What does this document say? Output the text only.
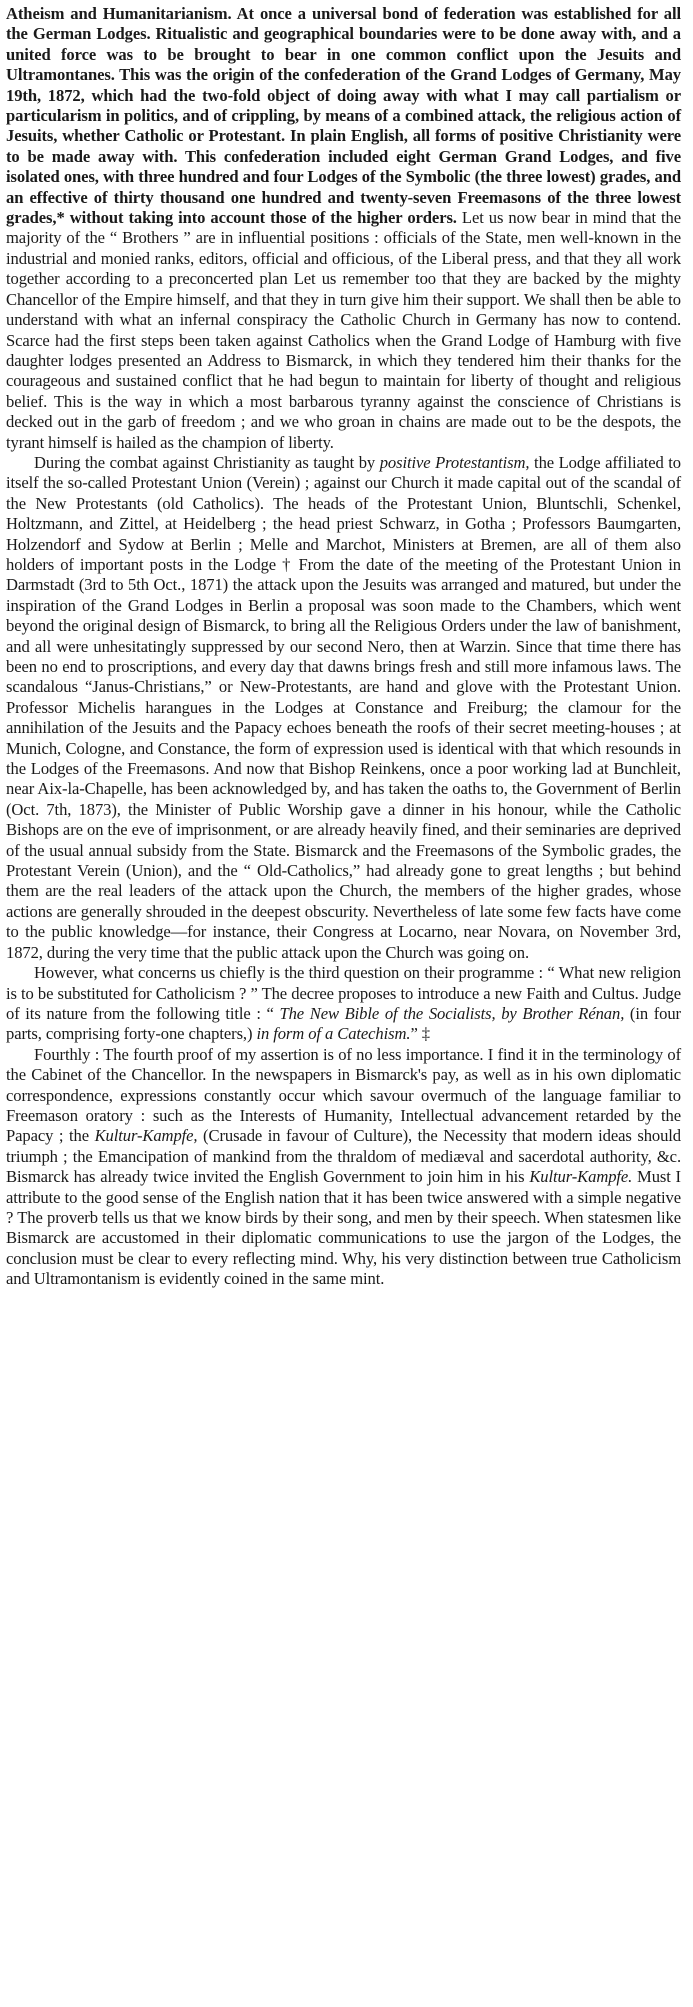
Atheism and Humanitarianism. At once a universal bond of federation was established for all the German Lodges. Ritualistic and geographical boundaries were to be done away with, and a united force was to be brought to bear in one common conflict upon the Jesuits and Ultramontanes. This was the origin of the confederation of the Grand Lodges of Germany, May 19th, 1872, which had the two-fold object of doing away with what I may call partialism or particularism in politics, and of crippling, by means of a combined attack, the religious action of Jesuits, whether Catholic or Protestant. In plain English, all forms of positive Christianity were to be made away with. This confederation included eight German Grand Lodges, and five isolated ones, with three hundred and four Lodges of the Symbolic (the three lowest) grades, and an effective of thirty thousand one hundred and twenty-seven Freemasons of the three lowest grades,* without taking into account those of the higher orders. Let us now bear in mind that the majority of the “ Brothers ” are in influential positions : officials of the State, men well-known in the industrial and monied ranks, editors, official and officious, of the Liberal press, and that they all work together according to a preconcerted plan Let us remember too that they are backed by the mighty Chancellor of the Empire himself, and that they in turn give him their support. We shall then be able to understand with what an infernal conspiracy the Catholic Church in Germany has now to contend. Scarce had the first steps been taken against Catholics when the Grand Lodge of Hamburg with five daughter lodges presented an Address to Bismarck, in which they tendered him their thanks for the courageous and sustained conflict that he had begun to maintain for liberty of thought and religious belief. This is the way in which a most barbarous tyranny against the conscience of Christians is decked out in the garb of freedom ; and we who groan in chains are made out to be the despots, the tyrant himself is hailed as the champion of liberty.

During the combat against Christianity as taught by positive Protestantism, the Lodge affiliated to itself the so-called Protestant Union (Verein) ; against our Church it made capital out of the scandal of the New Protestants (old Catholics). The heads of the Protestant Union, Bluntschli, Schenkel, Holtzmann, and Zittel, at Heidelberg ; the head priest Schwarz, in Gotha ; Professors Baumgarten, Holzendorf and Sydow at Berlin ; Melle and Marchot, Ministers at Bremen, are all of them also holders of important posts in the Lodge † From the date of the meeting of the Protestant Union in Darmstadt (3rd to 5th Oct., 1871) the attack upon the Jesuits was arranged and matured, but under the inspiration of the Grand Lodges in Berlin a proposal was soon made to the Chambers, which went beyond the original design of Bismarck, to bring all the Religious Orders under the law of banishment, and all were unhesitatingly suppressed by our second Nero, then at Warzin. Since that time there has been no end to proscriptions, and every day that dawns brings fresh and still more infamous laws. The scandalous “Janus-Christians,” or New-Protestants, are hand and glove with the Protestant Union. Professor Michelis harangues in the Lodges at Constance and Freiburg; the clamour for the annihilation of the Jesuits and the Papacy echoes beneath the roofs of their secret meeting-houses ; at Munich, Cologne, and Constance, the form of expression used is identical with that which resounds in the Lodges of the Freemasons. And now that Bishop Reinkens, once a poor working lad at Bunchleit, near Aix-la-Chapelle, has been acknowledged by, and has taken the oaths to, the Government of Berlin (Oct. 7th, 1873), the Minister of Public Worship gave a dinner in his honour, while the Catholic Bishops are on the eve of imprisonment, or are already heavily fined, and their seminaries are deprived of the usual annual subsidy from the State. Bismarck and the Freemasons of the Symbolic grades, the Protestant Verein (Union), and the “ Old-Catholics,” had already gone to great lengths ; but behind them are the real leaders of the attack upon the Church, the members of the higher grades, whose actions are generally shrouded in the deepest obscurity. Nevertheless of late some few facts have come to the public knowledge—for instance, their Congress at Locarno, near Novara, on November 3rd, 1872, during the very time that the public attack upon the Church was going on.

However, what concerns us chiefly is the third question on their programme : “ What new religion is to be substituted for Catholicism ? ” The decree proposes to introduce a new Faith and Cultus. Judge of its nature from the following title : “ The New Bible of the Socialists, by Brother Rénan, (in four parts, comprising forty-one chapters,) in form of a Catechism.” ‡

Fourthly : The fourth proof of my assertion is of no less importance. I find it in the terminology of the Cabinet of the Chancellor. In the newspapers in Bismarck's pay, as well as in his own diplomatic correspondence, expressions constantly occur which savour overmuch of the language familiar to Freemason oratory : such as the Interests of Humanity, Intellectual advancement retarded by the Papacy ; the Kultur-Kampfe, (Crusade in favour of Culture), the Necessity that modern ideas should triumph ; the Emancipation of mankind from the thraldom of mediæval and sacerdotal authority, &c. Bismarck has already twice invited the English Government to join him in his Kultur-Kampfe. Must I attribute to the good sense of the English nation that it has been twice answered with a simple negative ? The proverb tells us that we know birds by their song, and men by their speech. When statesmen like Bismarck are accustomed in their diplomatic communications to use the jargon of the Lodges, the conclusion must be clear to every reflecting mind. Why, his very distinction between true Catholicism and Ultramontanism is evidently coined in the same mint.
